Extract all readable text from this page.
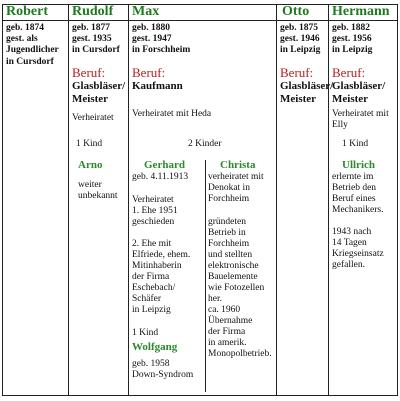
Robert
geb. 1874
gest. als
Jugendlicher
in Cursdorf
Rudolf
geb. 1877
gest. 1935
in Cursdorf
Beruf:
Glasbläser/
Meister
Verheiratet
1 Kind
Arno
weiter
unbekannt
Max
geb. 1880
gest. 1947
in Forschheim
Beruf:
Kaufmann
Verheiratet mit Heda
2 Kinder
Gerhard
geb. 4.11.1913
Verheiratet
1. Ehe 1951
geschieden
2. Ehe mit
Elfriede, ehem.
Mitinhaberin
der Firma
Eschebach/
Schäfer
in Leipzig
1 Kind
Wolfgang
geb. 1958
Down-Syndrom
Christa
verheiratet mit
Denokat in
Forchheim
gründeten
Betrieb in
Forchheim
und stellten
elektronische
Bauelemente
wie Fotozellen
her.
ca. 1960
Übernahme
der Firma
in amerik.
Monopolbetrieb.
Otto
geb. 1875
gest. 1946
in Leipzig
Beruf:
Glasbläser/
Meister
Hermann
geb. 1882
gest. 1956
in Leipzig
Beruf:
Glasbläser/
Meister
Verheiratet mit
Elly
1 Kind
Ullrich
erlernte im
Betrieb den
Beruf eines
Mechanikers.
1943 nach
14 Tagen
Kriegseinsatz
gefallen.
